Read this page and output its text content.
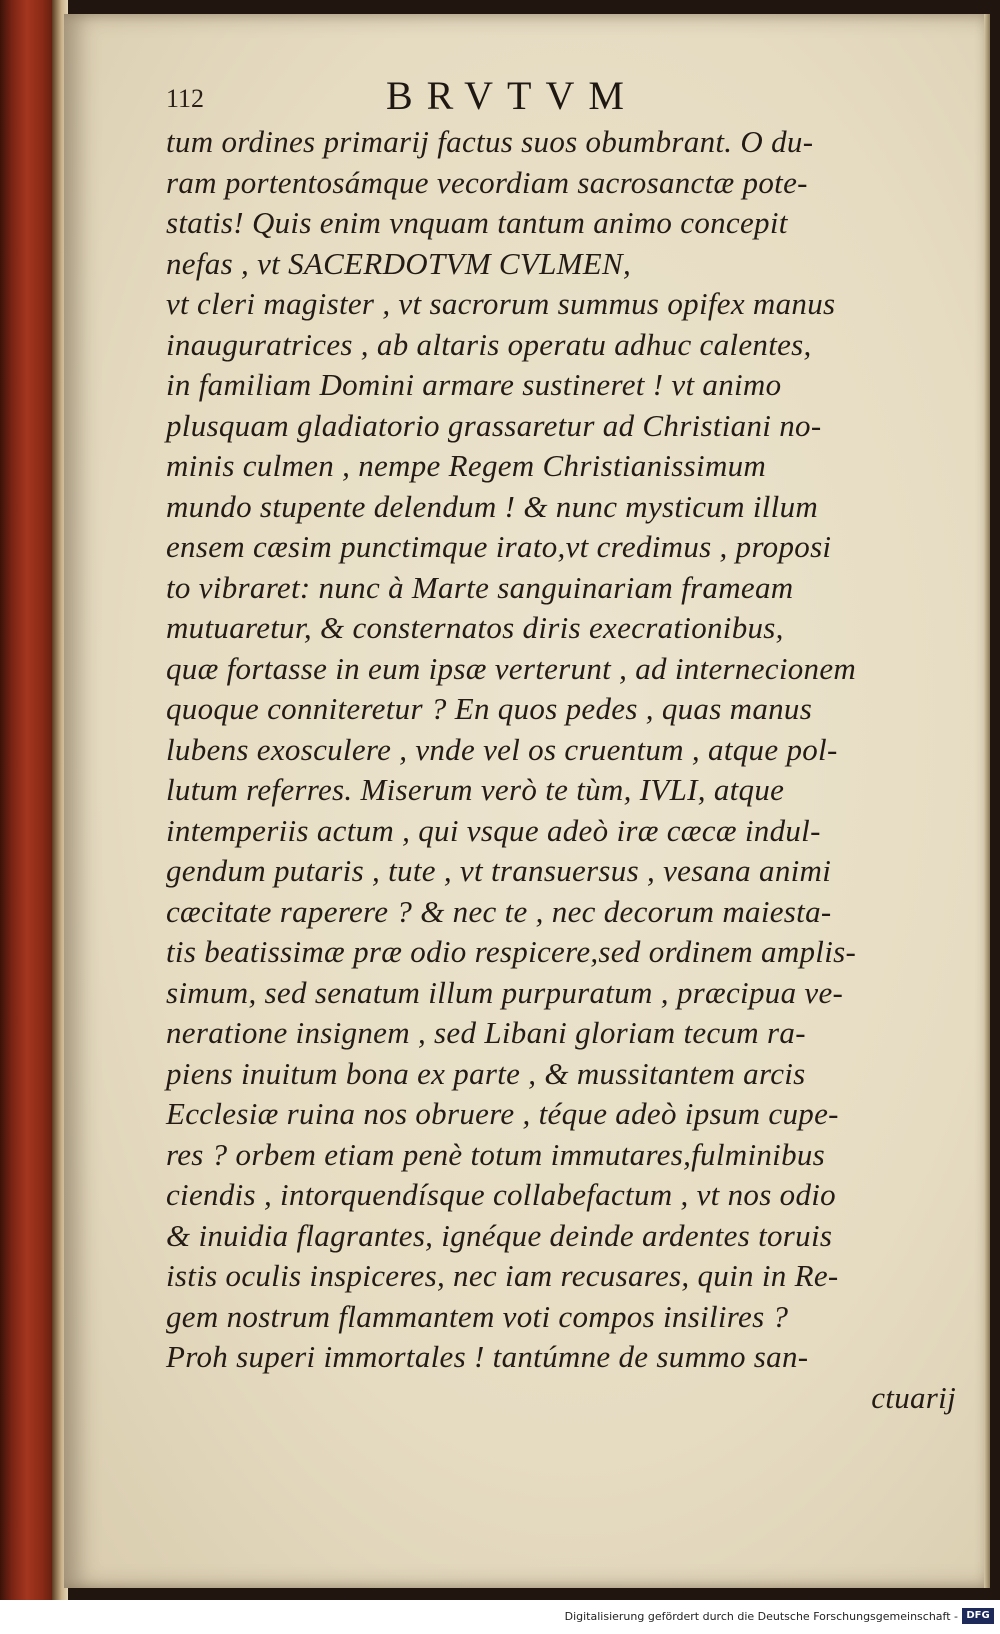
112	BRVTVM
tum ordines primarij factus suos obumbrant. O du-
ram portentosámque vecordiam sacrosanctæ pote-
statis! Quis enim vnquam tantum animo concepit
nefas , vt SACERDOTVM CVLMEN,
vt cleri magister , vt sacrorum summus opifex manus
inauguratrices , ab altaris operatu adhuc calentes,
in familiam Domini armare sustineret ! vt animo
plusquam gladiatorio grassaretur ad Christiani no-
minis culmen , nempe Regem Christianissimum
mundo stupente delendum ! & nunc mysticum illum
ensem cæsim punctimque irato,vt credimus , proposi
to vibraret: nunc à Marte sanguinariam frameam
mutuaretur, & consternatos diris execrationibus,
quæ fortasse in eum ipsæ verterunt , ad internecionem
quoque conniteretur ? En quos pedes , quas manus
lubens exosculere , vnde vel os cruentum , atque pol-
lutum referres. Miserum verò te tùm, IVLI, atque
intemperiis actum , qui vsque adeò iræ cæcæ indul-
gendum putaris , tute , vt transuersus , vesana animi
cæcitate raperere ? & nec te , nec decorum maiesta-
tis beatissimæ præ odio respicere,sed ordinem amplis-
simum, sed senatum illum purpuratum , præcipua ve-
neratione insignem , sed Libani gloriam tecum ra-
piens inuitum bona ex parte , & mussitantem arcis
Ecclesiæ ruina nos obruere , téque adeò ipsum cupe-
res ? orbem etiam penè totum immutares,fulminibus
ciendis , intorquendísque collabefactum , vt nos odio
& inuidia flagrantes, ignéque deinde ardentes toruis
istis oculis inspiceres, nec iam recusares, quin in Re-
gem nostrum flammantem voti compos insilires ?
Proh superi immortales ! tantúmne de summo san-
ctuarij
Digitalisierung gefördert durch die Deutsche Forschungsgemeinschaft - DFG
